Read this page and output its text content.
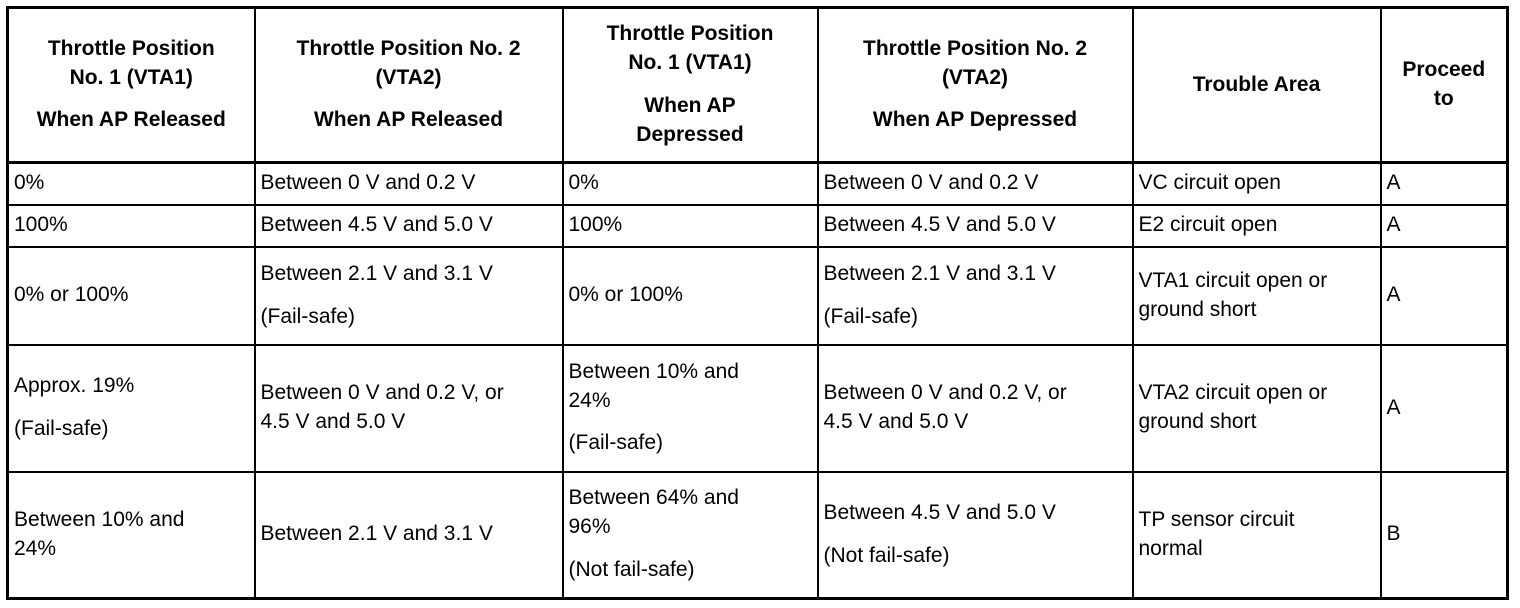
Throttle Position
No. 1 (VTA1)
When AP Released	Throttle Position No. 2
(VTA2)
When AP Released	Throttle Position
No. 1 (VTA1)
When AP
Depressed	Throttle Position No. 2
(VTA2)
When AP Depressed	Trouble Area	Proceed
to

0%	Between 0 V and 0.2 V	0%	Between 0 V and 0.2 V	VC circuit open	A

100%	Between 4.5 V and 5.0 V	100%	Between 4.5 V and 5.0 V	E2 circuit open	A

0% or 100%	Between 2.1 V and 3.1 V
(Fail-safe)	0% or 100%	Between 2.1 V and 3.1 V
(Fail-safe)	VTA1 circuit open or
ground short	A

Approx. 19%
(Fail-safe)	Between 0 V and 0.2 V, or
4.5 V and 5.0 V	Between 10% and
24%
(Fail-safe)	Between 0 V and 0.2 V, or
4.5 V and 5.0 V	VTA2 circuit open or
ground short	A

Between 10% and
24%	Between 2.1 V and 3.1 V	Between 64% and
96%
(Not fail-safe)	Between 4.5 V and 5.0 V
(Not fail-safe)	TP sensor circuit
normal	B
